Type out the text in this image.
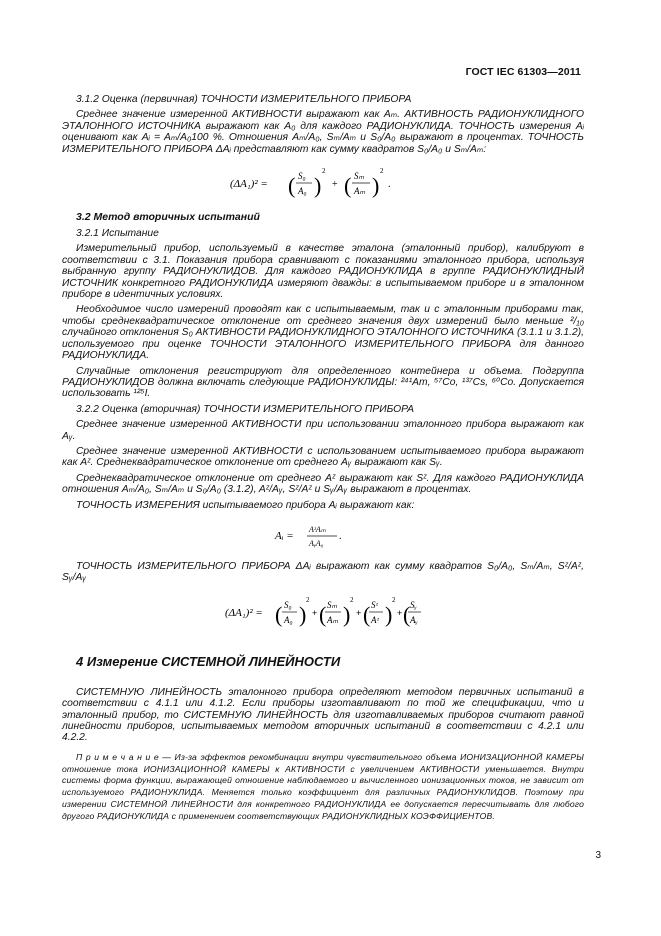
ГОСТ IEC 61303—2011

3.1.2 Оценка (первичная) ТОЧНОСТИ ИЗМЕРИТЕЛЬНОГО ПРИБОРА

Среднее значение измеренной АКТИВНОСТИ выражают как Aₘ. АКТИВНОСТЬ РАДИОНУКЛИДНОГО ЭТАЛОННОГО ИСТОЧНИКА выражают как A₀ для каждого РАДИОНУКЛИДА. ТОЧНОСТЬ измерения Aᵢ оценивают как Aᵢ = Aₘ/A₀100 %. Отношения Aₘ/A₀, Sₘ/Aₘ и S₀/A₀ выражают в процентах. ТОЧНОСТЬ ИЗМЕРИТЕЛЬНОГО ПРИБОРА ΔAᵢ представляют как сумму квадратов S₀/A₀ и Sₘ/Aₘ:

(ΔA₁)² = ( S₀
A₀ )
2
+ ( Sₘ
Aₘ )
2
.

3.2 Метод вторичных испытаний

3.2.1 Испытание

Измерительный прибор, используемый в качестве эталона (эталонный прибор), калибруют в соответствии с 3.1. Показания прибора сравнивают с показаниями эталонного прибора, используя выбранную группу РАДИОНУКЛИДОВ. Для каждого РАДИОНУКЛИДА в группе РАДИОНУКЛИДНЫЙ ИСТОЧНИК конкретного РАДИОНУКЛИДА измеряют дважды: в испытываемом приборе и в эталонном приборе в идентичных условиях.

Необходимое число измерений проводят как с испытываемым, так и с эталонным приборами так, чтобы среднеквадратическое отклонение от среднего значения двух измерений было меньше ²/₁₀ случайного отклонения S₀ АКТИВНОСТИ РАДИОНУКЛИДНОГО ЭТАЛОННОГО ИСТОЧНИКА (3.1.1 и 3.1.2), используемого при оценке ТОЧНОСТИ ЭТАЛОННОГО ИЗМЕРИТЕЛЬНОГО ПРИБОРА для данного РАДИОНУКЛИДА.

Случайные отклонения регистрируют для определенного контейнера и объема. Подгруппа РАДИОНУКЛИДОВ должна включать следующие РАДИОНУКЛИДЫ: ²⁴¹Am, ⁵⁷Co, ¹³⁷Cs, ⁶⁰Co. Допускается использовать ¹²⁵I.

3.2.2 Оценка (вторичная) ТОЧНОСТИ ИЗМЕРИТЕЛЬНОГО ПРИБОРА

Среднее значение измеренной АКТИВНОСТИ при использовании эталонного прибора выражают как Aᵧ.

Среднее значение измеренной АКТИВНОСТИ с использованием испытываемого прибора выражают как Aᶻ. Среднеквадратическое отклонение от среднего Aᵧ выражают как Sᵧ.

Среднеквадратическое отклонение от среднего Aᶻ выражают как Sᶻ. Для каждого РАДИОНУКЛИДА отношения Aₘ/A₀, Sₘ/Aₘ и S₀/A₀ (3.1.2), Aᶻ/Aᵧ, Sᶻ/Aᶻ и Sᵧ/Aᵧ выражают в процентах.

ТОЧНОСТЬ ИЗМЕРЕНИЯ испытываемого прибора Aᵢ выражают как:

Aᵢ =
AᶻAₘ
AᵧA₀
.

ТОЧНОСТЬ ИЗМЕРИТЕЛЬНОГО ПРИБОРА ΔAᵢ выражают как сумму квадратов S₀/A₀, Sₘ/Aₘ, Sᶻ/Aᶻ, Sᵧ/Aᵧ

(ΔA₁)² = ( S₀
A₀ )
2
+ ( Sₘ
Aₘ )
2
+ ( Sᶻ
Aᶻ )
2
+ ( Sᵧ
Aᵧ

4 Измерение СИСТЕМНОЙ ЛИНЕЙНОСТИ

СИСТЕМНУЮ ЛИНЕЙНОСТЬ эталонного прибора определяют методом первичных испытаний в соответствии с 4.1.1 или 4.1.2. Если приборы изготавливают по той же спецификации, что и эталонный прибор, то СИСТЕМНУЮ ЛИНЕЙНОСТЬ для изготавливаемых приборов считают равной линейности приборов, испытываемых методом вторичных испытаний в соответствии с 4.2.1 или 4.2.2.

П р и м е ч а н и е — Из-за эффектов рекомбинации внутри чувствительного объема ИОНИЗАЦИОННОЙ КАМЕРЫ отношение тока ИОНИЗАЦИОННОЙ КАМЕРЫ к АКТИВНОСТИ с увеличением АКТИВНОСТИ уменьшается. Внутри системы форма функции, выражающей отношение наблюдаемого и вычисленного ионизационных токов, не зависит от используемого РАДИОНУКЛИДА. Меняется только коэффициент для различных РАДИОНУКЛИДОВ. Поэтому при измерении СИСТЕМНОЙ ЛИНЕЙНОСТИ для конкретного РАДИОНУКЛИДА ее допускается пересчитывать для любого другого РАДИОНУКЛИДА с применением соответствующих РАДИОНУКЛИДНЫХ КОЭФФИЦИЕНТОВ.

3
